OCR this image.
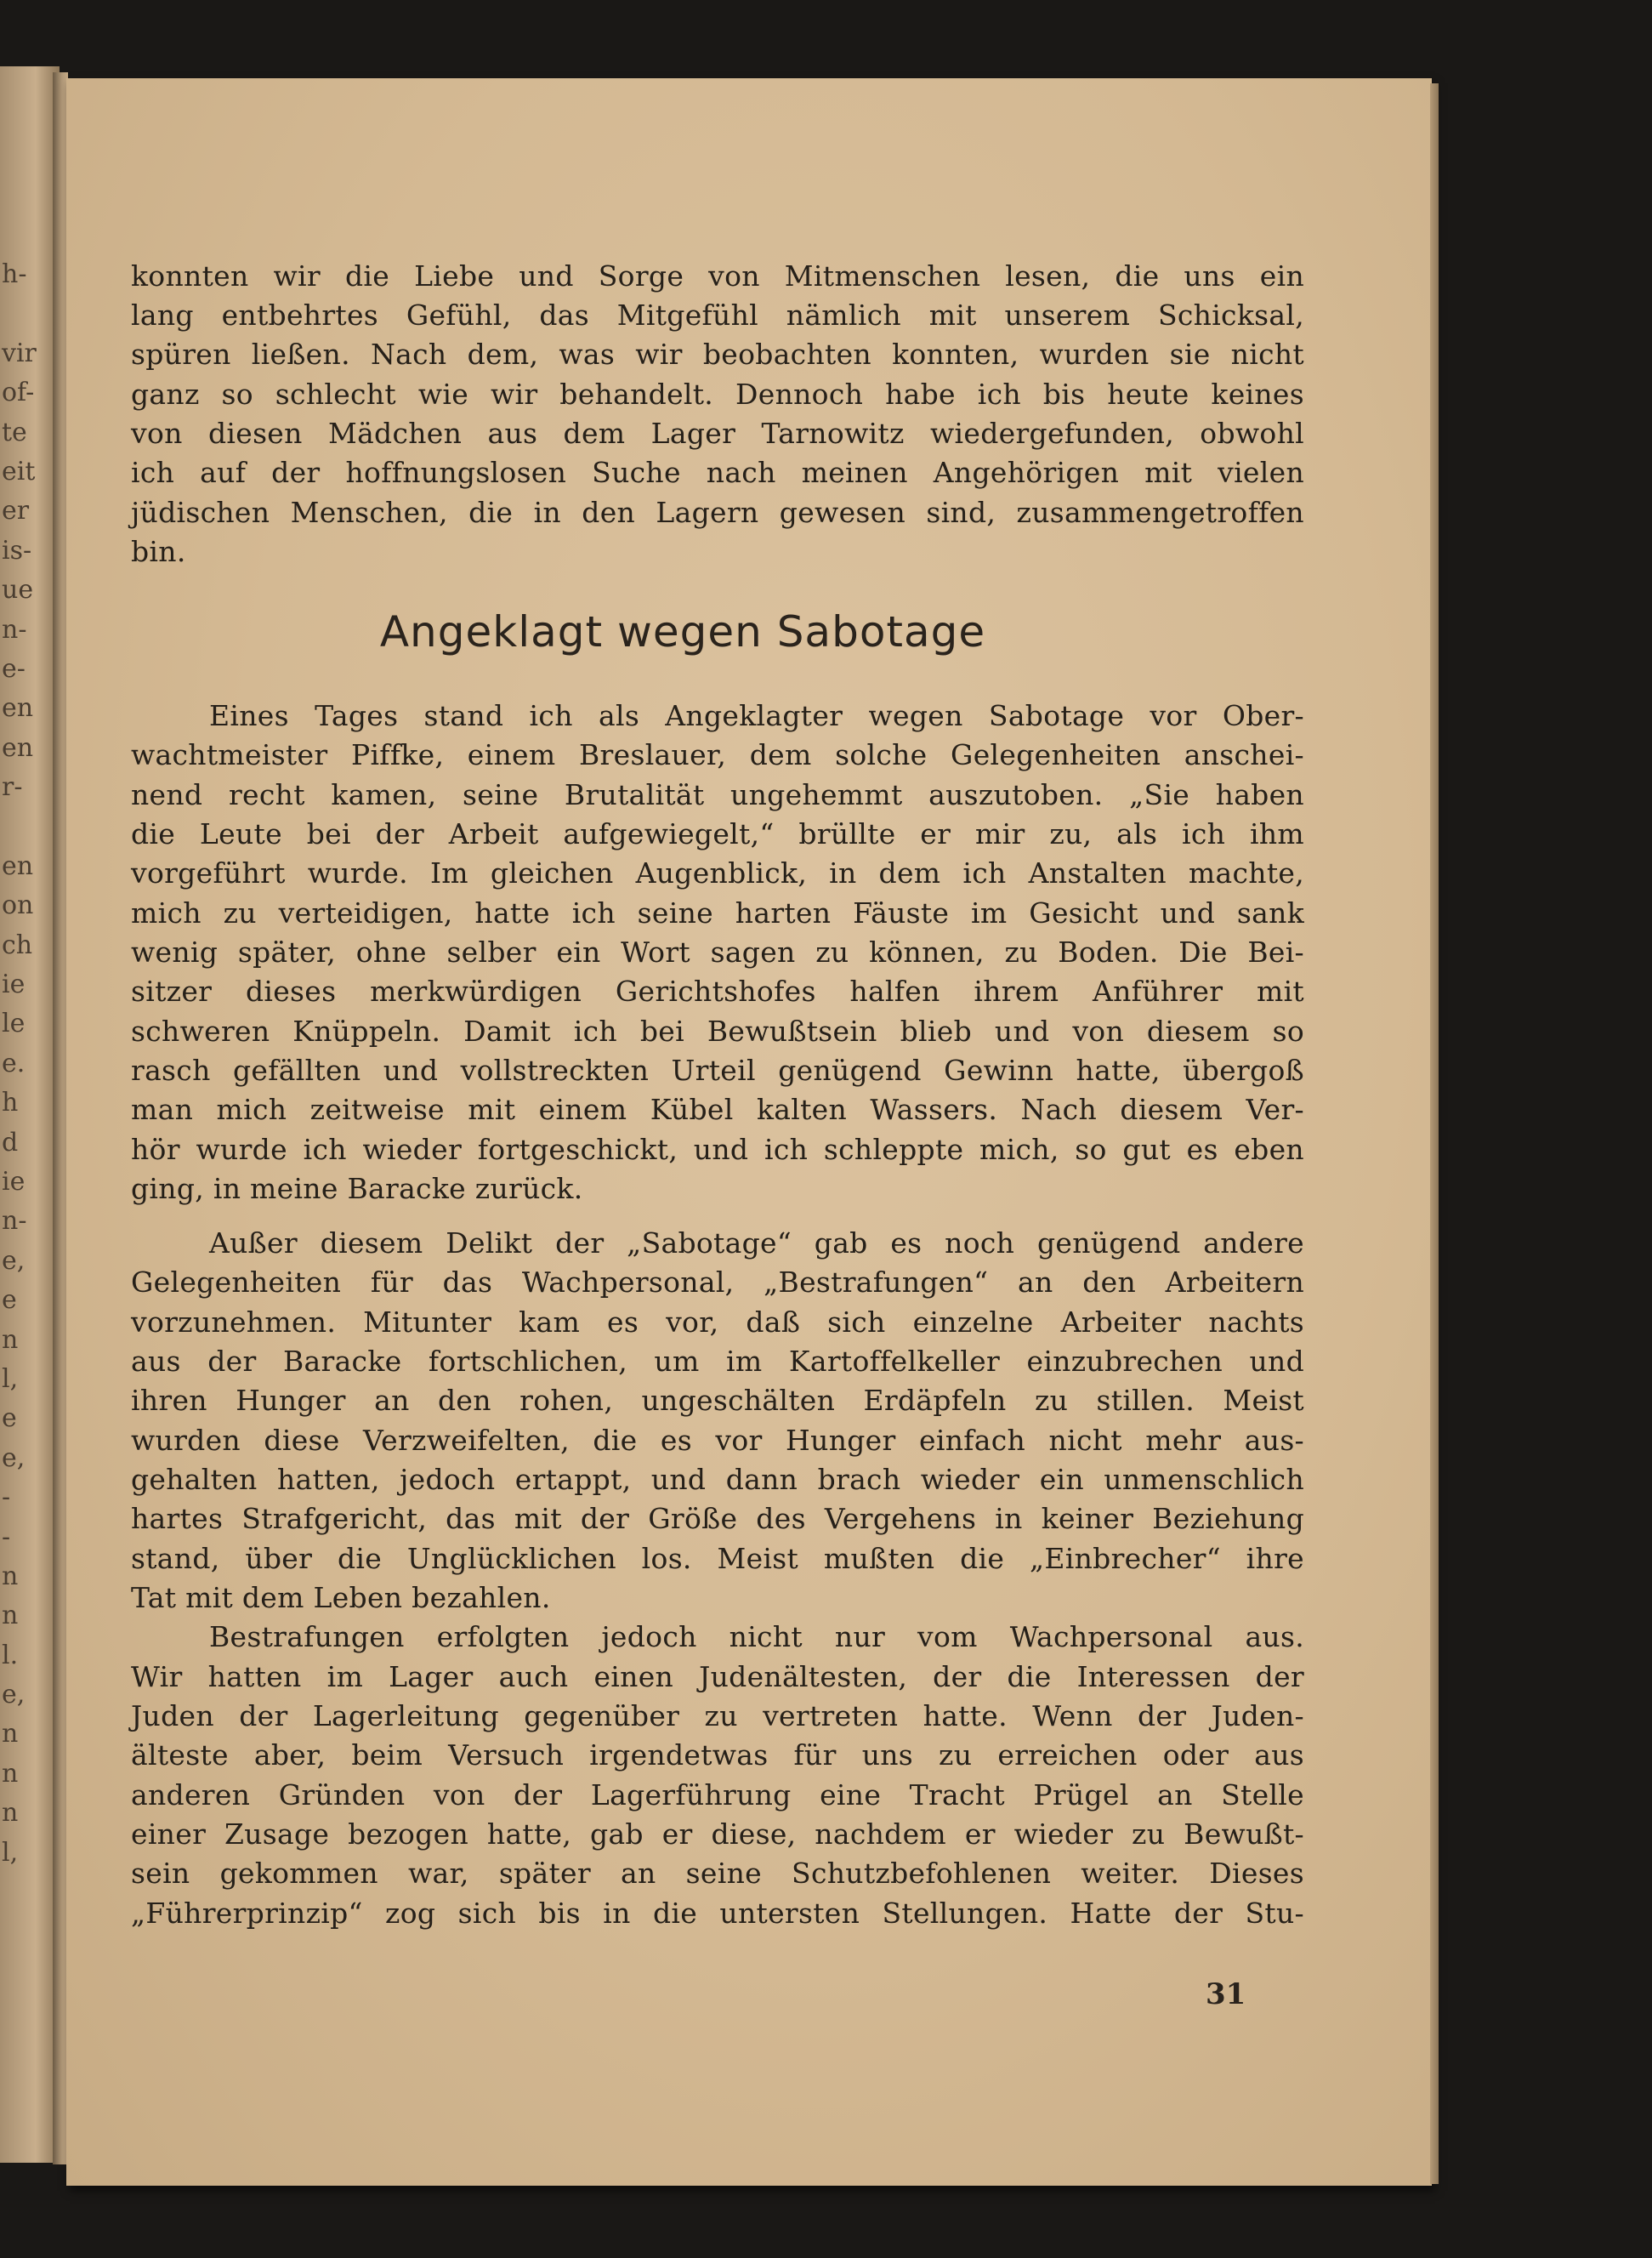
h-
vir
of-
te
eit
er
is-
ue
n-
e-
en
en
r-
en
on
ch
ie
le
e.
h
d
ie
n-
e,
e
n
l,
e
e,
-
-
n
n
l.
e,
n
n
n
l,
konnten wir die Liebe und Sorge von Mitmenschen lesen, die uns ein
lang entbehrtes Gefühl, das Mitgefühl nämlich mit unserem Schicksal,
spüren ließen. Nach dem, was wir beobachten konnten, wurden sie nicht
ganz so schlecht wie wir behandelt. Dennoch habe ich bis heute keines
von diesen Mädchen aus dem Lager Tarnowitz wiedergefunden, obwohl
ich auf der hoffnungslosen Suche nach meinen Angehörigen mit vielen
jüdischen Menschen, die in den Lagern gewesen sind, zusammengetroffen
bin.
Angeklagt wegen Sabotage
Eines Tages stand ich als Angeklagter wegen Sabotage vor Ober-
wachtmeister Piffke, einem Breslauer, dem solche Gelegenheiten anschei-
nend recht kamen, seine Brutalität ungehemmt auszutoben. „Sie haben
die Leute bei der Arbeit aufgewiegelt,“ brüllte er mir zu, als ich ihm
vorgeführt wurde. Im gleichen Augenblick, in dem ich Anstalten machte,
mich zu verteidigen, hatte ich seine harten Fäuste im Gesicht und sank
wenig später, ohne selber ein Wort sagen zu können, zu Boden. Die Bei-
sitzer dieses merkwürdigen Gerichtshofes halfen ihrem Anführer mit
schweren Knüppeln. Damit ich bei Bewußtsein blieb und von diesem so
rasch gefällten und vollstreckten Urteil genügend Gewinn hatte, übergoß
man mich zeitweise mit einem Kübel kalten Wassers. Nach diesem Ver-
hör wurde ich wieder fortgeschickt, und ich schleppte mich, so gut es eben
ging, in meine Baracke zurück.
Außer diesem Delikt der „Sabotage“ gab es noch genügend andere
Gelegenheiten für das Wachpersonal, „Bestrafungen“ an den Arbeitern
vorzunehmen. Mitunter kam es vor, daß sich einzelne Arbeiter nachts
aus der Baracke fortschlichen, um im Kartoffelkeller einzubrechen und
ihren Hunger an den rohen, ungeschälten Erdäpfeln zu stillen. Meist
wurden diese Verzweifelten, die es vor Hunger einfach nicht mehr aus-
gehalten hatten, jedoch ertappt, und dann brach wieder ein unmenschlich
hartes Strafgericht, das mit der Größe des Vergehens in keiner Beziehung
stand, über die Unglücklichen los. Meist mußten die „Einbrecher“ ihre
Tat mit dem Leben bezahlen.
Bestrafungen erfolgten jedoch nicht nur vom Wachpersonal aus.
Wir hatten im Lager auch einen Judenältesten, der die Interessen der
Juden der Lagerleitung gegenüber zu vertreten hatte. Wenn der Juden-
älteste aber, beim Versuch irgendetwas für uns zu erreichen oder aus
anderen Gründen von der Lagerführung eine Tracht Prügel an Stelle
einer Zusage bezogen hatte, gab er diese, nachdem er wieder zu Bewußt-
sein gekommen war, später an seine Schutzbefohlenen weiter. Dieses
„Führerprinzip“ zog sich bis in die untersten Stellungen. Hatte der Stu-
31
